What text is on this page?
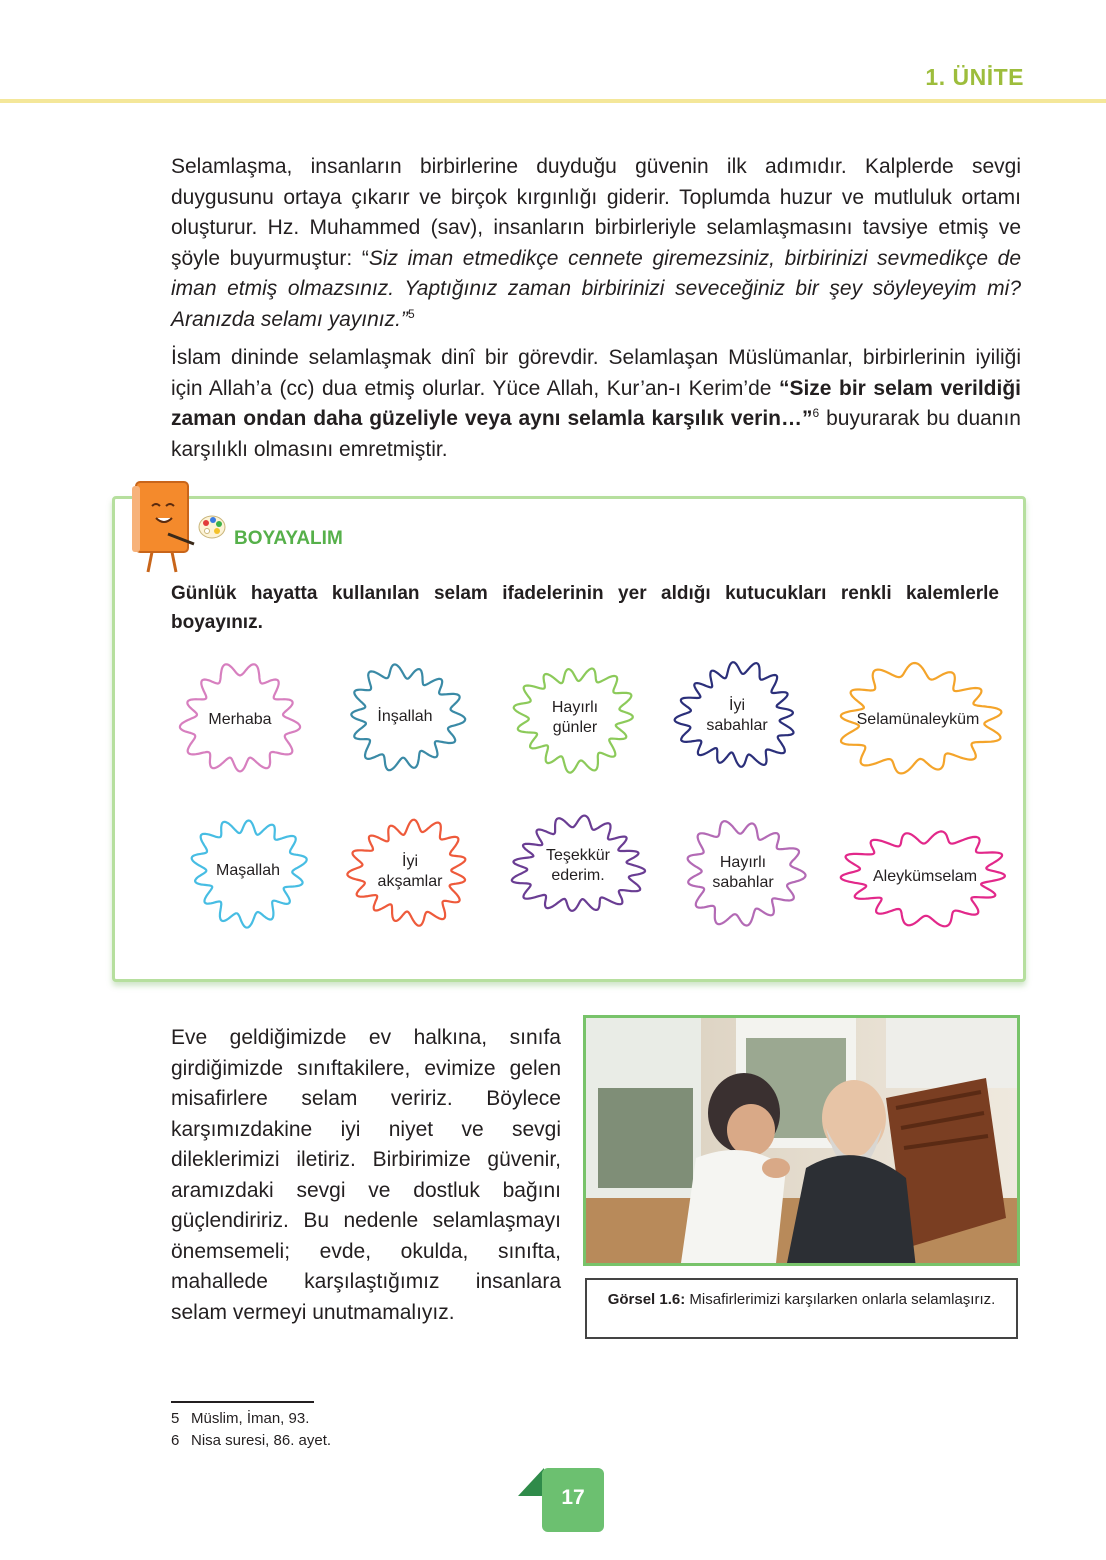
1. ÜNİTE

Selamlaşma, insanların birbirlerine duyduğu güvenin ilk adımıdır. Kalplerde sevgi duygusunu ortaya çıkarır ve birçok kırgınlığı giderir. Toplumda huzur ve mutluluk ortamı oluşturur. Hz. Muhammed (sav), insanların birbirleriyle selamlaşmasını tavsiye etmiş ve şöyle buyurmuştur: “Siz iman etmedikçe cennete giremezsiniz, birbirinizi sevmedikçe de iman etmiş olmazsınız. Yaptığınız zaman birbirinizi seveceğiniz bir şey söyleyeyim mi? Aranızda selamı yayınız.”$^5$

İslam dininde selamlaşmak dinî bir görevdir. Selamlaşan Müslümanlar, birbirlerinin iyiliği için Allah’a (cc) dua etmiş olurlar. Yüce Allah, Kur’an-ı Kerim’de “Size bir selam verildiği zaman ondan daha güzeliyle veya aynı selamla karşılık verin…”$^6$ buyurarak bu duanın karşılıklı olmasını emretmiştir.

BOYAYALIM

Günlük hayatta kullanılan selam ifadelerinin yer aldığı kutucukları renkli kalemlerle boyayınız.

Merhaba	İnşallah
Hayırlı
günler
İyi
sabahlar	Selamünaleyküm
Maşallah
İyi
akşamlar
Teşekkür
ederim.
Hayırlı
sabahlar	Aleykümselam

Eve geldiğimizde ev halkına, sınıfa girdiğimizde sınıftakilere, evimize gelen misafirlere selam veririz. Böylece karşımızdakine iyi niyet ve sevgi dileklerimizi iletiriz. Birbirimize güvenir, aramızdaki sevgi ve dostluk bağını güçlendiririz. Bu nedenle selamlaşmayı önemsemeli; evde, okulda, sınıfta, mahallede karşılaştığımız insanlara selam vermeyi unutmamalıyız.

Görsel 1.6: Misafirlerimizi karşılarken onlarla selamlaşırız.
5 Müslim, İman, 93.
6 Nisa suresi, 86. ayet.
17
